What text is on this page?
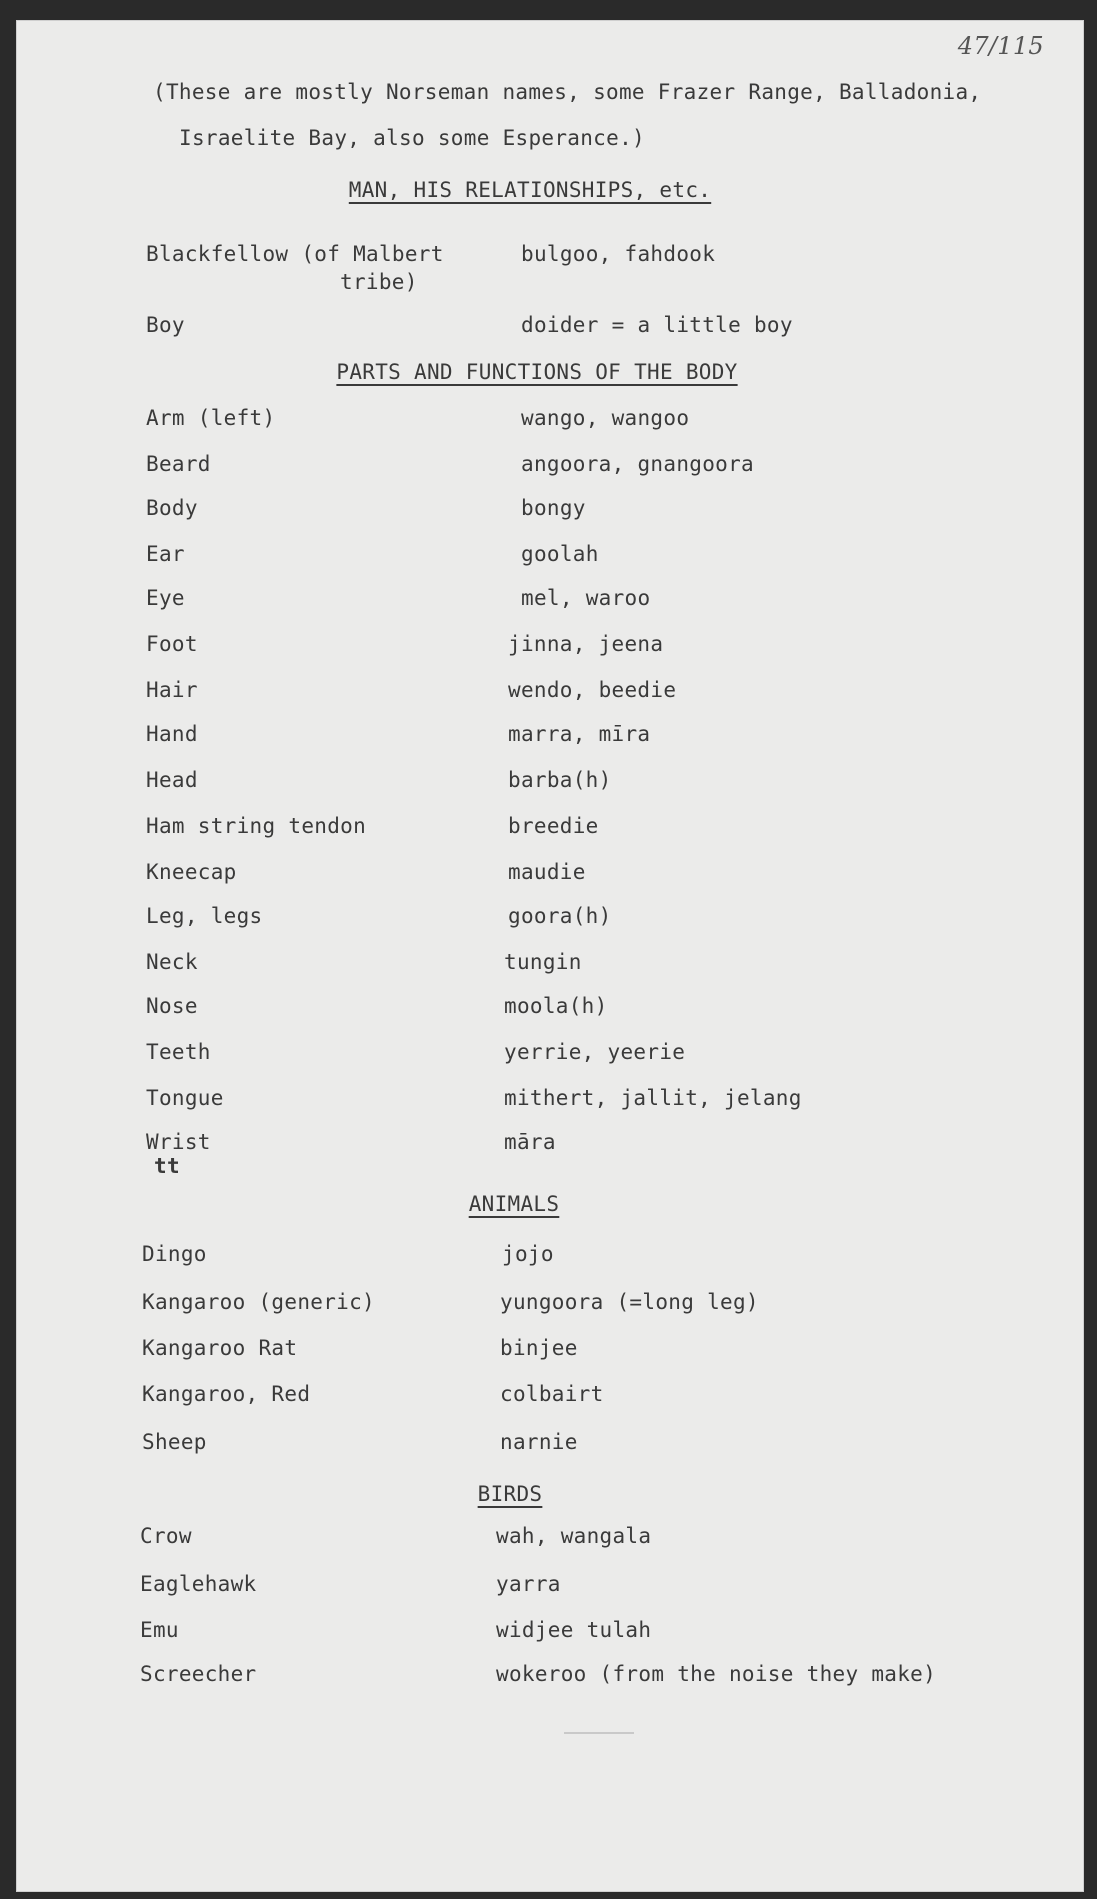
47/115
(These are mostly Norseman names, some Frazer Range, Balladonia,
Israelite Bay, also some Esperance.)
MAN, HIS RELATIONSHIPS, etc.
Blackfellow (of Malbert	bulgoo, fahdook
tribe)
Boy	doider = a little boy
PARTS AND FUNCTIONS OF THE BODY
Arm (left)	wango, wangoo
Beard	angoora, gnangoora
Body	bongy
Ear	goolah
Eye	mel, waroo
Foot	jinna, jeena
Hair	wendo, beedie
Hand	marra, mīra
Head	barba(h)
Ham string tendon	breedie
Kneecap	maudie
Leg, legs	goora(h)
Neck	tungin
Nose	moola(h)
Teeth	yerrie, yeerie
Tongue	mithert, jallit, jelang
Wrist	māra
tt
ANIMALS
Dingo	jojo
Kangaroo (generic)	yungoora (=long leg)
Kangaroo Rat	binjee
Kangaroo, Red	colbairt
Sheep	narnie
BIRDS
Crow	wah, wangala
Eaglehawk	yarra
Emu	widjee tulah
Screecher	wokeroo (from the noise they make)
